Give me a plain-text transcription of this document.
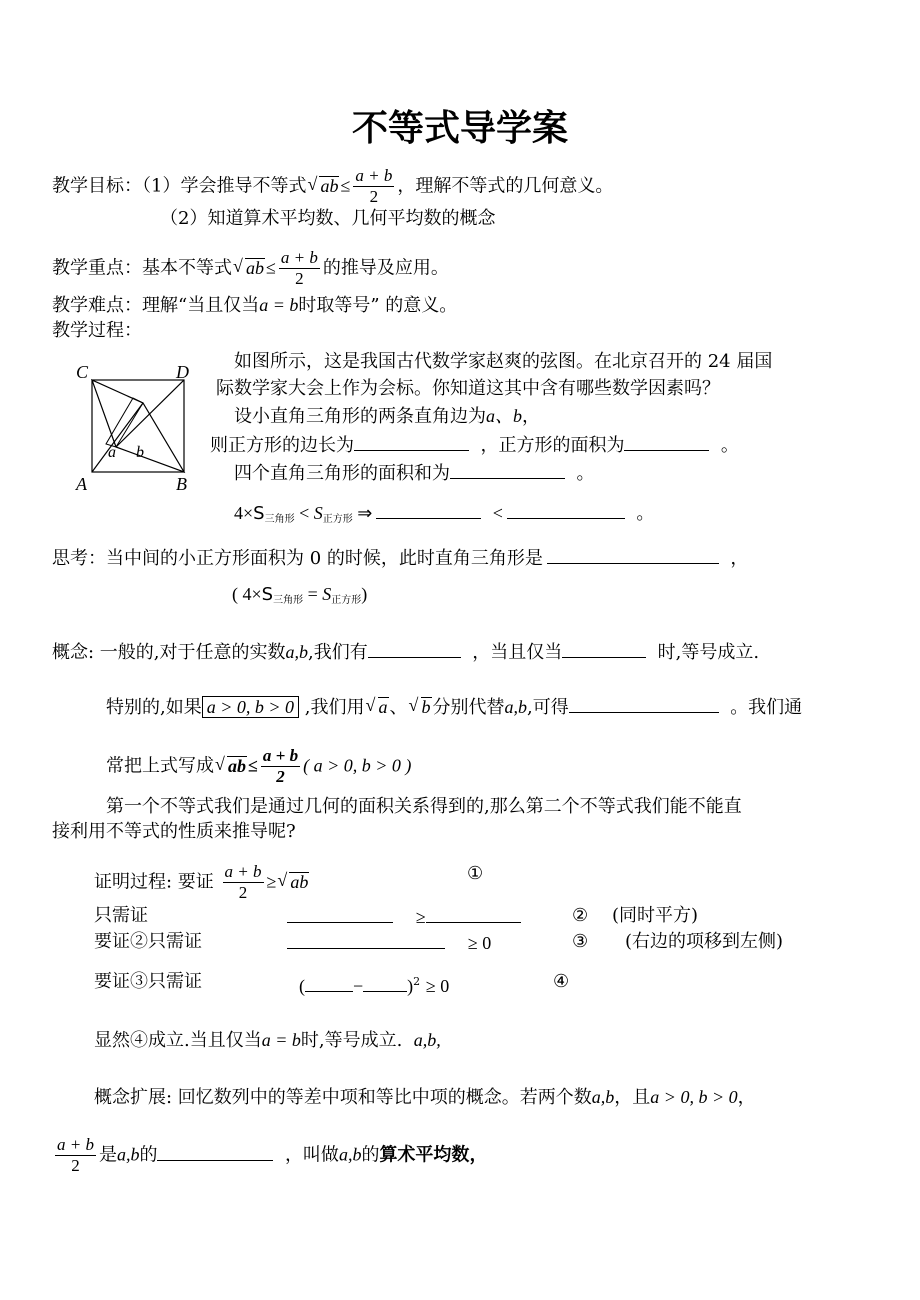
不等式导学案
教学目标：（1）学会推导不等式 √ ab ≤ $\frac{a + b}{2}$ ，理解不等式的几何意义。
（2）知道算术平均数、几何平均数的概念
教学重点：基本不等式 √ ab ≤ $\frac{a + b}{2}$ 的推导及应用。
教学难点：理解“当且仅当a = b时取等号” 的意义。
教学过程：
C	D
A	B
a b
如图所示，这是我国古代数学家赵爽的弦图。在北京召开的 24 届国
际数学家大会上作为会标。你知道这其中含有哪些数学因素吗？
设小直角三角形的两条直角边为a、b，
则正方形的边长为	，正方形的面积为	。
四个直角三角形的面积和为	。
$4\times S_{三角形} < S_{正方形}$ ⇒	<	。
思考：当中间的小正方形面积为 0 的时候，此时直角三角形是	，
( $4\times S_{三角形} = S_{正方形}$)
概念: 一般的,对于任意的实数a,b,我们有	，当且仅当	时,等号成立.
特别的,如果 a > 0, b > 0 ,我们用 √ a 、 √ b 分别代替a,b,可得	。我们通
常把上式写成 √ ab ≤ $\frac{a + b}{2}$ ( a > 0, b > 0 )
第一个不等式我们是通过几何的面积关系得到的,那么第二个不等式我们能不能直
接利用不等式的性质来推导呢?
证明过程: 要证 $\frac{a + b}{2}$ ≥ √ ab	①
只需证	≥	② (同时平方)
要证②只需证	≥ 0	③ (右边的项移到左侧)
要证③只需证	(	− )$^2$ ≥ 0	④
显然④成立.当且仅当a = b时,等号成立. a,b,
概念扩展: 回忆数列中的等差中项和等比中项的概念。若两个数a,b，且a > 0, b > 0，
$\frac{a + b}{2}$ 是a,b的	，叫做a,b的算术平均数，
